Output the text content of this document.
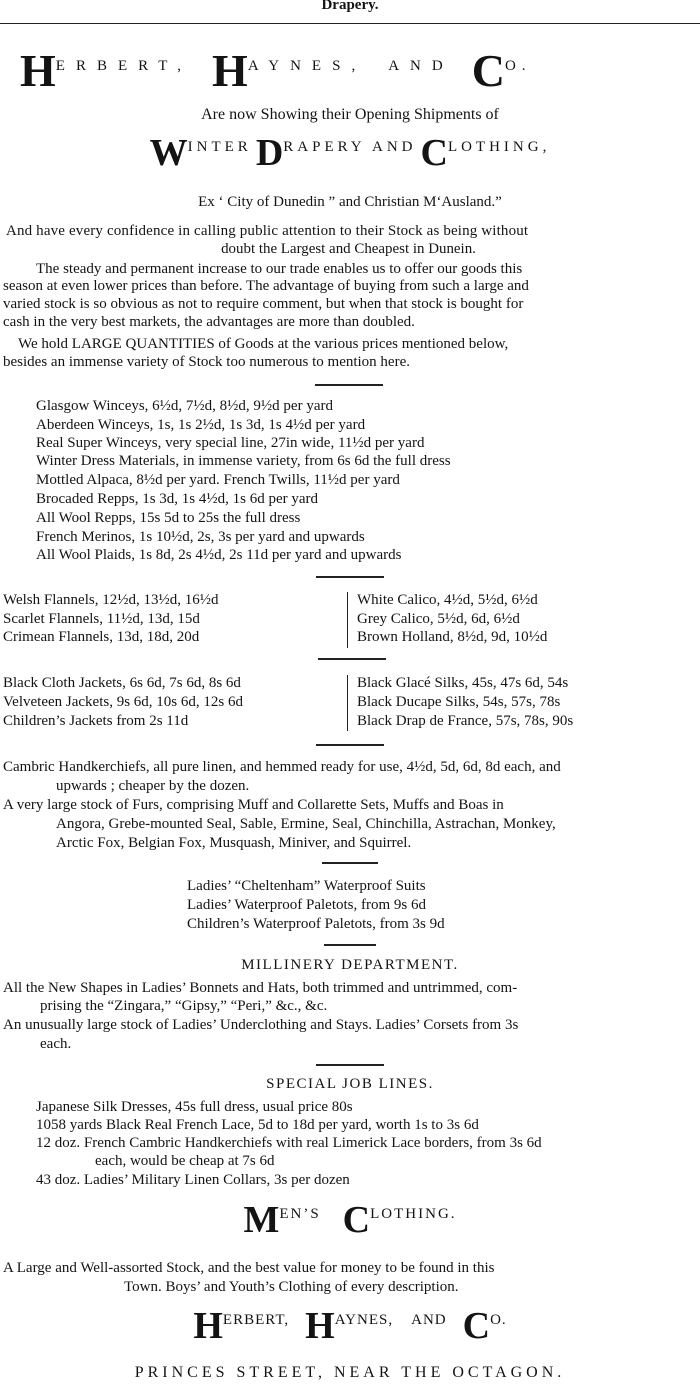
Drapery.
HERBERT, HAYNES, AND CO.
Are now Showing their Opening Shipments of
WINTER DRAPERY AND CLOTHING,
Ex ‘ City of Dunedin ” and Christian M‘Ausland.”
And have every confidence in calling public attention to their Stock as being without
doubt the Largest and Cheapest in Dunein.
The steady and permanent increase to our trade enables us to offer our goods this
season at even lower prices than before. The advantage of buying from such a large and
varied stock is so obvious as not to require comment, but when that stock is bought for
cash in the very best markets, the advantages are more than doubled.
We hold LARGE QUANTITIES of Goods at the various prices mentioned below,
besides an immense variety of Stock too numerous to mention here.
Glasgow Winceys, 6½d, 7½d, 8½d, 9½d per yard
Aberdeen Winceys, 1s, 1s 2½d, 1s 3d, 1s 4½d per yard
Real Super Winceys, very special line, 27in wide, 11½d per yard
Winter Dress Materials, in immense variety, from 6s 6d the full dress
Mottled Alpaca, 8½d per yard. French Twills, 11½d per yard
Brocaded Repps, 1s 3d, 1s 4½d, 1s 6d per yard
All Wool Repps, 15s 5d to 25s the full dress
French Merinos, 1s 10½d, 2s, 3s per yard and upwards
All Wool Plaids, 1s 8d, 2s 4½d, 2s 11d per yard and upwards
Welsh Flannels, 12½d, 13½d, 16½d
Scarlet Flannels, 11½d, 13d, 15d
Crimean Flannels, 13d, 18d, 20d
White Calico, 4½d, 5½d, 6½d
Grey Calico, 5½d, 6d, 6½d
Brown Holland, 8½d, 9d, 10½d
Black Cloth Jackets, 6s 6d, 7s 6d, 8s 6d
Velveteen Jackets, 9s 6d, 10s 6d, 12s 6d
Children’s Jackets from 2s 11d
Black Glacé Silks, 45s, 47s 6d, 54s
Black Ducape Silks, 54s, 57s, 78s
Black Drap de France, 57s, 78s, 90s
Cambric Handkerchiefs, all pure linen, and hemmed ready for use, 4½d, 5d, 6d, 8d each, and
upwards ; cheaper by the dozen.
A very large stock of Furs, comprising Muff and Collarette Sets, Muffs and Boas in
Angora, Grebe-mounted Seal, Sable, Ermine, Seal, Chinchilla, Astrachan, Monkey,
Arctic Fox, Belgian Fox, Musquash, Miniver, and Squirrel.
Ladies’ “Cheltenham” Waterproof Suits
Ladies’ Waterproof Paletots, from 9s 6d
Children’s Waterproof Paletots, from 3s 9d
MILLINERY DEPARTMENT.
All the New Shapes in Ladies’ Bonnets and Hats, both trimmed and untrimmed, com-
prising the “Zingara,” “Gipsy,” “Peri,” &c., &c.
An unusually large stock of Ladies’ Underclothing and Stays. Ladies’ Corsets from 3s
each.
SPECIAL JOB LINES.
Japanese Silk Dresses, 45s full dress, usual price 80s
1058 yards Black Real French Lace, 5d to 18d per yard, worth 1s to 3s 6d
12 doz. French Cambric Handkerchiefs with real Limerick Lace borders, from 3s 6d
each, would be cheap at 7s 6d
43 doz. Ladies’ Military Linen Collars, 3s per dozen
MEN’S CLOTHING.
A Large and Well-assorted Stock, and the best value for money to be found in this
Town. Boys’ and Youth’s Clothing of every description.
HERBERT, HAYNES, AND CO.
PRINCES STREET, NEAR THE OCTAGON.
